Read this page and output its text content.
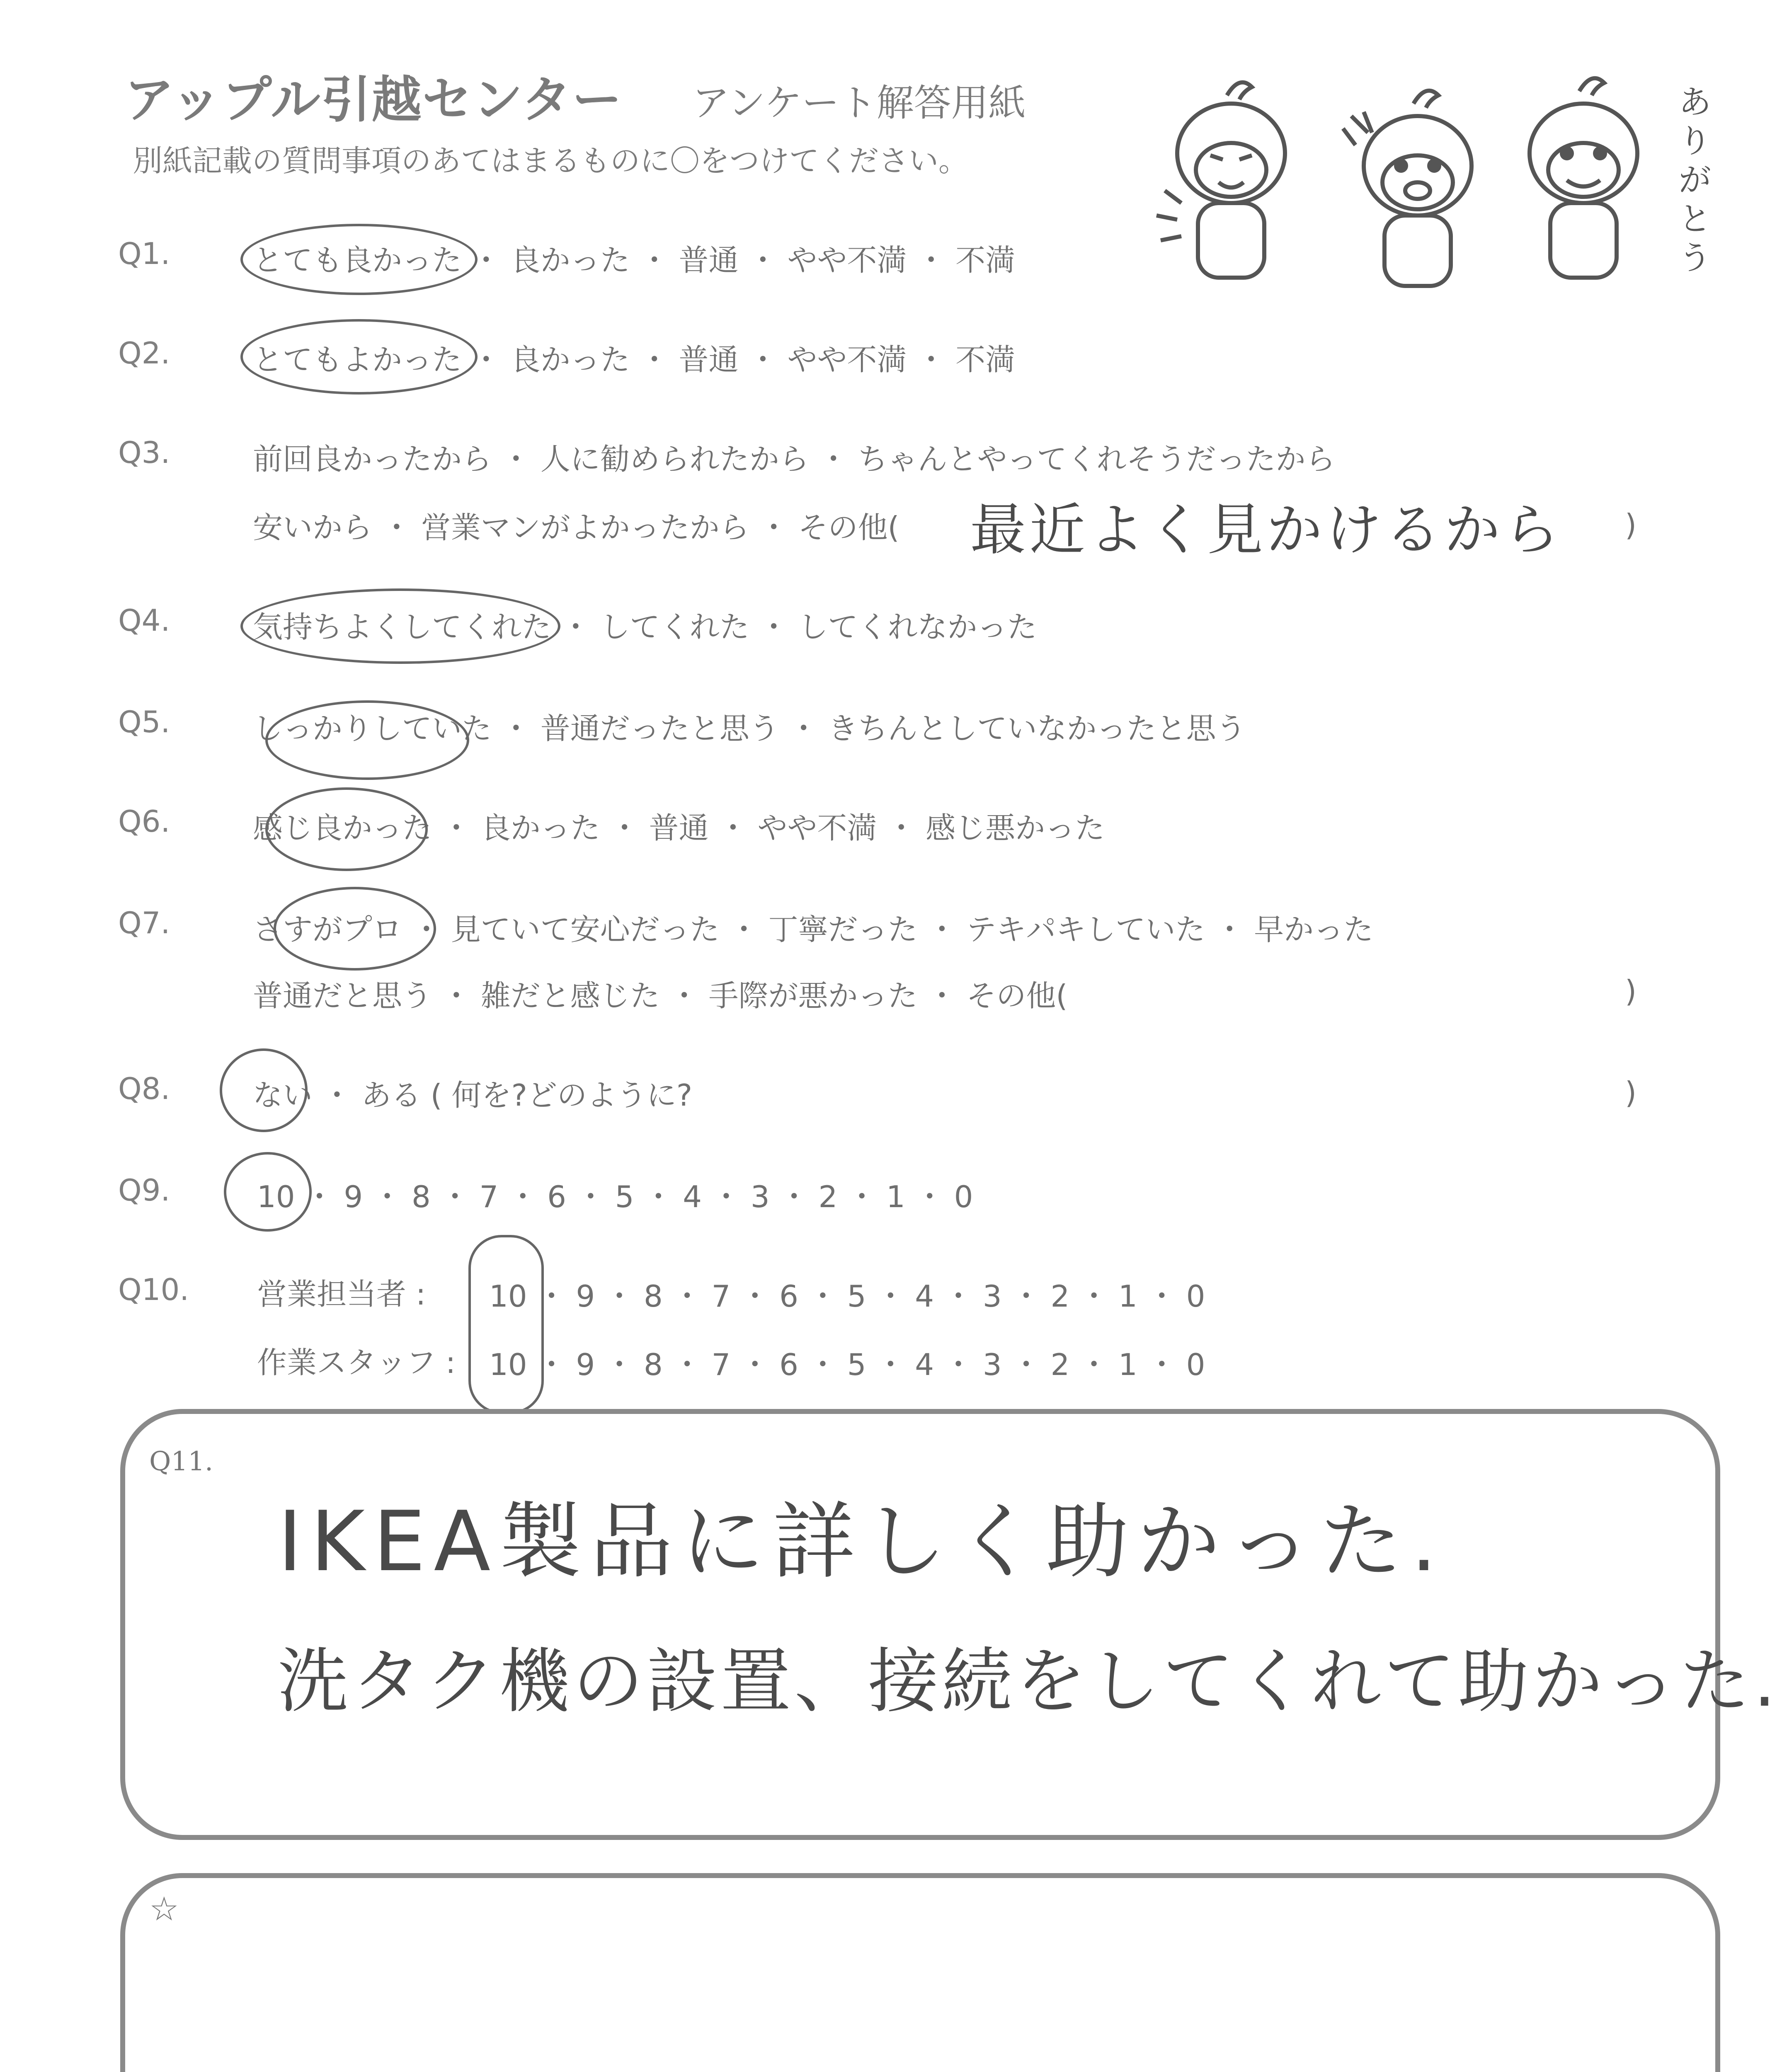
アップル引越センター アンケート解答用紙
別紙記載の質問事項のあてはまるものに〇をつけてください。
ありがとう
Q1.	とても良かった ・ 良かった ・ 普通 ・ やや不満 ・ 不満
Q2.	とてもよかった ・ 良かった ・ 普通 ・ やや不満 ・ 不満
Q3.	前回良かったから ・ 人に勧められたから ・ ちゃんとやってくれそうだったから
安いから ・ 営業マンがよかったから ・ その他( 最近よく見かけるから )
Q4.	気持ちよくしてくれた ・ してくれた ・ してくれなかった
Q5.	しっかりしていた ・ 普通だったと思う ・ きちんとしていなかったと思う
Q6.	感じ良かった ・ 良かった ・ 普通 ・ やや不満 ・ 感じ悪かった
Q7.	さすがプロ ・ 見ていて安心だった ・ 丁寧だった ・ テキパキしていた ・ 早かった
普通だと思う ・ 雑だと感じた ・ 手際が悪かった ・ その他(	)
Q8.	ない ・ ある ( 何を?どのように?	)
Q9.	10 ・ 9 ・ 8 ・ 7 ・ 6 ・ 5 ・ 4 ・ 3 ・ 2 ・ 1 ・ 0
Q10. 営業担当者 : 10 ・ 9 ・ 8 ・ 7 ・ 6 ・ 5 ・ 4 ・ 3 ・ 2 ・ 1 ・ 0
作業スタッフ : 10 ・ 9 ・ 8 ・ 7 ・ 6 ・ 5 ・ 4 ・ 3 ・ 2 ・ 1 ・ 0
Q11.
IKEA製品に詳しく助かった.
洗タク機の設置、接続をしてくれて助かった.
☆
